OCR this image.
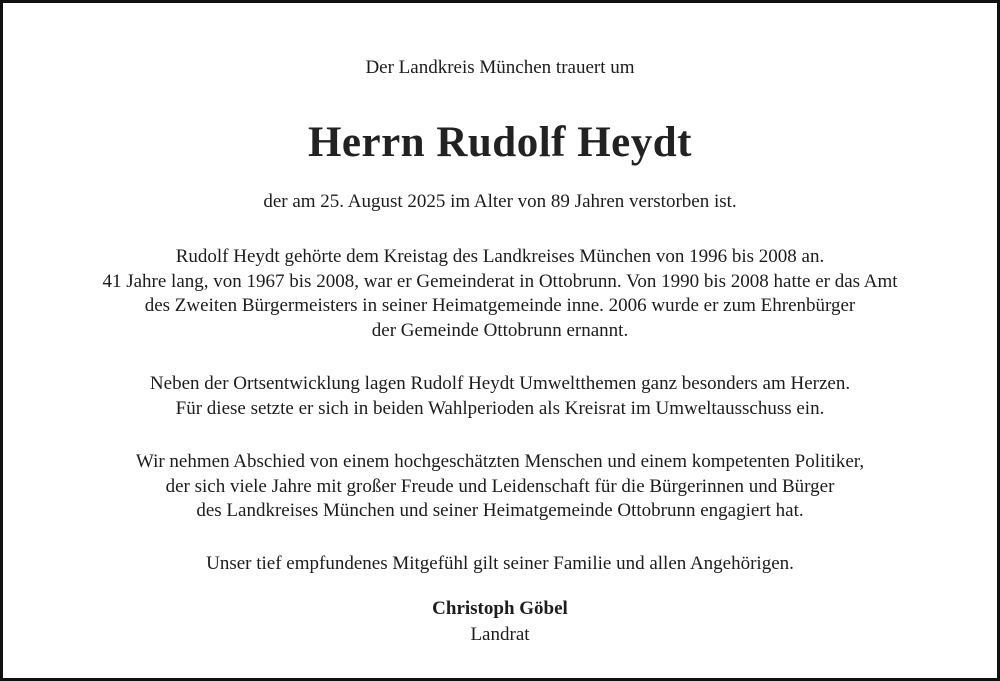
Der Landkreis München trauert um

Herrn Rudolf Heydt

der am 25. August 2025 im Alter von 89 Jahren verstorben ist.

Rudolf Heydt gehörte dem Kreistag des Landkreises München von 1996 bis 2008 an.

41 Jahre lang, von 1967 bis 2008, war er Gemeinderat in Ottobrunn. Von 1990 bis 2008 hatte er das Amt

des Zweiten Bürgermeisters in seiner Heimatgemeinde inne. 2006 wurde er zum Ehrenbürger

der Gemeinde Ottobrunn ernannt.

Neben der Ortsentwicklung lagen Rudolf Heydt Umweltthemen ganz besonders am Herzen.

Für diese setzte er sich in beiden Wahlperioden als Kreisrat im Umweltausschuss ein.

Wir nehmen Abschied von einem hochgeschätzten Menschen und einem kompetenten Politiker,

der sich viele Jahre mit großer Freude und Leidenschaft für die Bürgerinnen und Bürger

des Landkreises München und seiner Heimatgemeinde Ottobrunn engagiert hat.

Unser tief empfundenes Mitgefühl gilt seiner Familie und allen Angehörigen.

Christoph Göbel

Landrat
